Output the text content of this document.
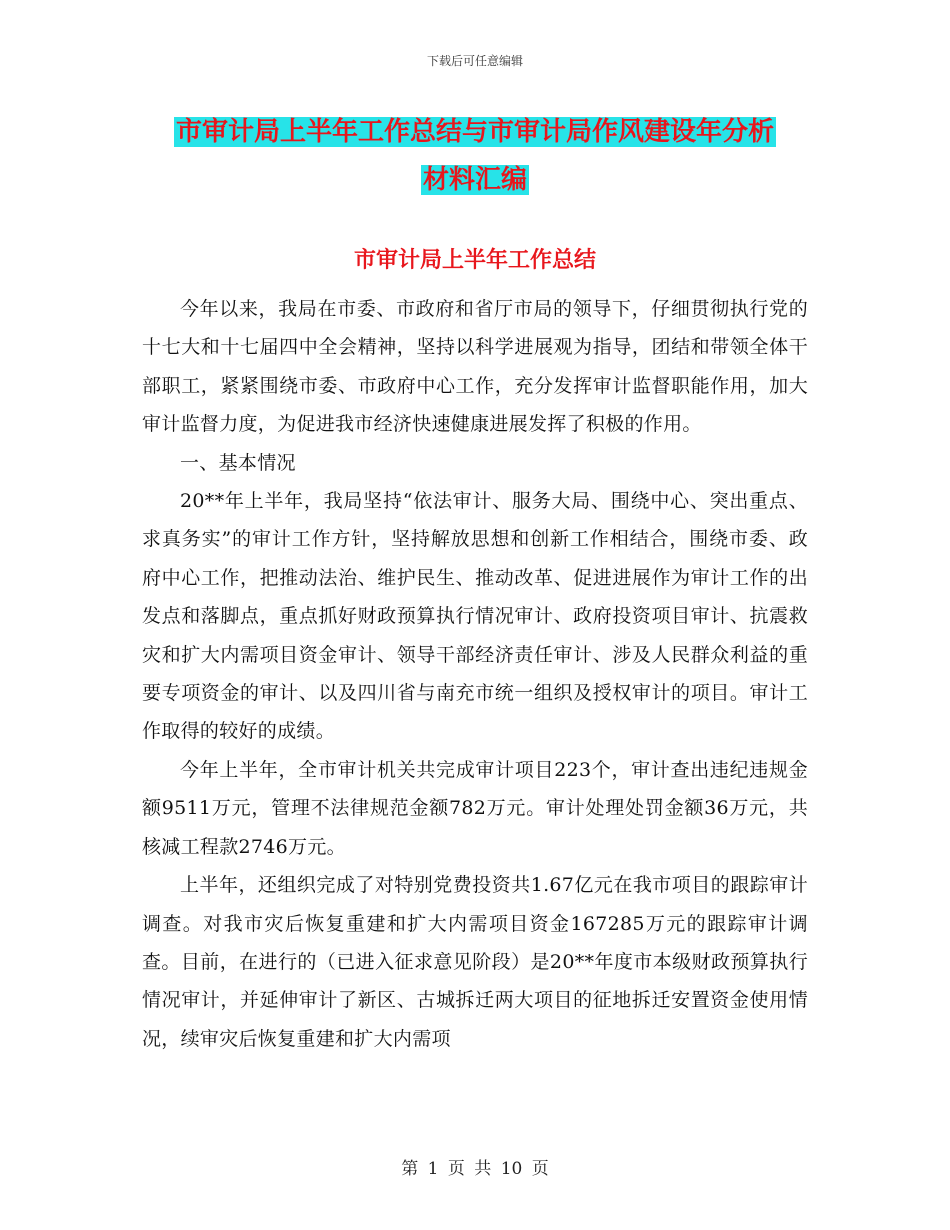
下载后可任意编辑
市审计局上半年工作总结与市审计局作风建设年分析
材料汇编
市审计局上半年工作总结

今年以来，我局在市委、市政府和省厅市局的领导下，仔细贯彻执行党的十七大和十七届四中全会精神，坚持以科学进展观为指导，团结和带领全体干部职工，紧紧围绕市委、市政府中心工作，充分发挥审计监督职能作用，加大审计监督力度，为促进我市经济快速健康进展发挥了积极的作用。

一、基本情况

20**年上半年，我局坚持“依法审计、服务大局、围绕中心、突出重点、求真务实”的审计工作方针，坚持解放思想和创新工作相结合，围绕市委、政府中心工作，把推动法治、维护民生、推动改革、促进进展作为审计工作的出发点和落脚点，重点抓好财政预算执行情况审计、政府投资项目审计、抗震救灾和扩大内需项目资金审计、领导干部经济责任审计、涉及人民群众利益的重要专项资金的审计、以及四川省与南充市统一组织及授权审计的项目。审计工作取得的较好的成绩。

今年上半年，全市审计机关共完成审计项目223个，审计查出违纪违规金额9511万元，管理不法律规范金额782万元。审计处理处罚金额36万元，共核减工程款2746万元。

上半年，还组织完成了对特别党费投资共1.67亿元在我市项目的跟踪审计调查。对我市灾后恢复重建和扩大内需项目资金167285万元的跟踪审计调查。目前，在进行的（已进入征求意见阶段）是20**年度市本级财政预算执行情况审计，并延伸审计了新区、古城拆迁两大项目的征地拆迁安置资金使用情况，续审灾后恢复重建和扩大内需项

第 1 页 共 10 页
